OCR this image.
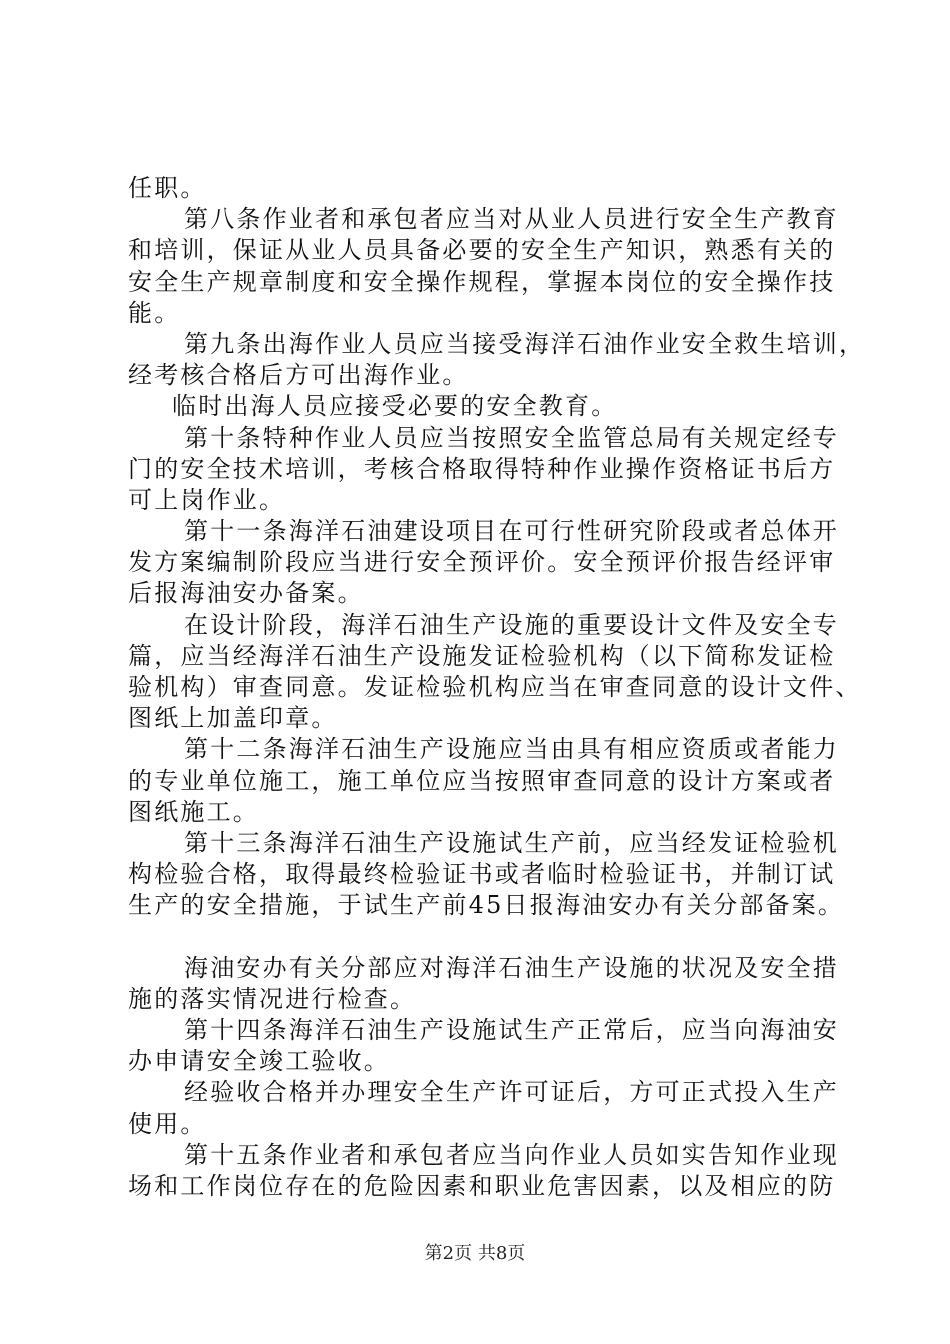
任职。
第八条作业者和承包者应当对从业人员进行安全生产教育
和培训，保证从业人员具备必要的安全生产知识，熟悉有关的
安全生产规章制度和安全操作规程，掌握本岗位的安全操作技
能。
第九条出海作业人员应当接受海洋石油作业安全救生培训，
经考核合格后方可出海作业。
临时出海人员应接受必要的安全教育。
第十条特种作业人员应当按照安全监管总局有关规定经专
门的安全技术培训，考核合格取得特种作业操作资格证书后方
可上岗作业。
第十一条海洋石油建设项目在可行性研究阶段或者总体开
发方案编制阶段应当进行安全预评价。安全预评价报告经评审
后报海油安办备案。
在设计阶段，海洋石油生产设施的重要设计文件及安全专
篇，应当经海洋石油生产设施发证检验机构（以下简称发证检
验机构）审查同意。发证检验机构应当在审查同意的设计文件、
图纸上加盖印章。
第十二条海洋石油生产设施应当由具有相应资质或者能力
的专业单位施工，施工单位应当按照审查同意的设计方案或者
图纸施工。
第十三条海洋石油生产设施试生产前，应当经发证检验机
构检验合格，取得最终检验证书或者临时检验证书，并制订试
生产的安全措施，于试生产前45日报海油安办有关分部备案。
海油安办有关分部应对海洋石油生产设施的状况及安全措
施的落实情况进行检查。
第十四条海洋石油生产设施试生产正常后，应当向海油安
办申请安全竣工验收。
经验收合格并办理安全生产许可证后，方可正式投入生产
使用。
第十五条作业者和承包者应当向作业人员如实告知作业现
场和工作岗位存在的危险因素和职业危害因素，以及相应的防
第2页 共8页
